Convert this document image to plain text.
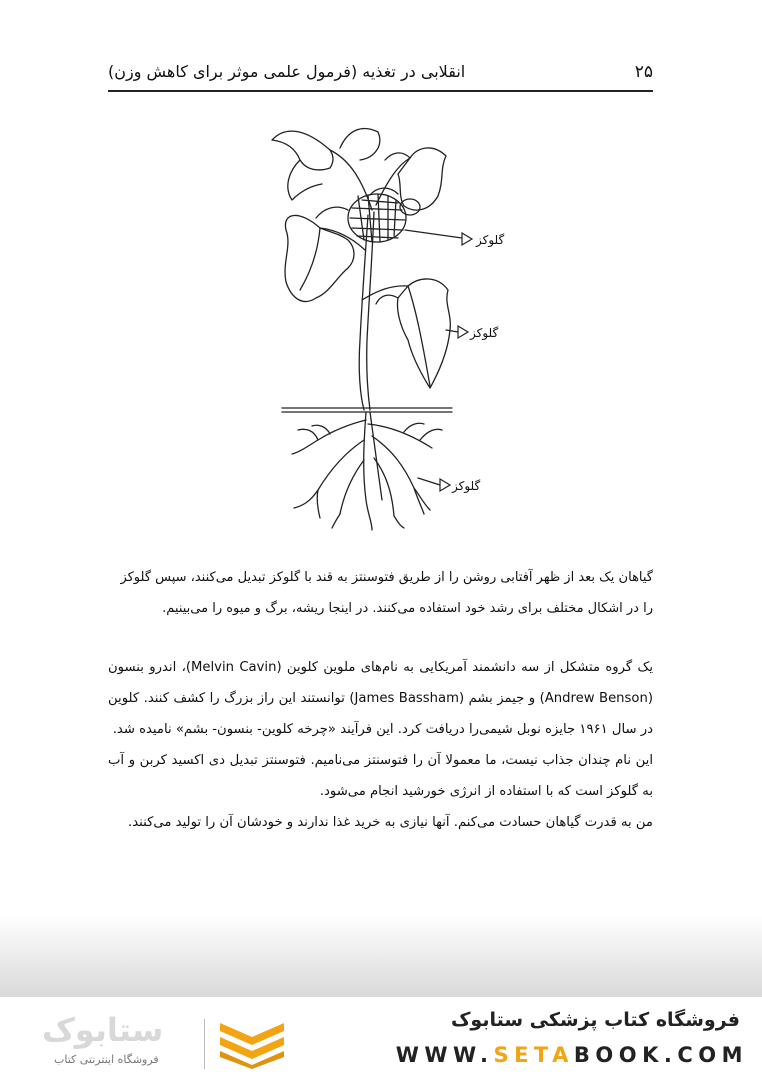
۲۵
انقلابی در تغذیه (فرمول علمی موثر برای کاهش وزن)
گلوکز
گلوکز
گلوکز
گیاهان یک بعد از ظهر آفتابی روشن را از طریق فتوسنتز به قند با گلوکز تبدیل می‌کنند، سپس گلوکز
را در اشکال مختلف برای رشد خود استفاده می‌کنند. در اینجا ریشه، برگ و میوه را می‌بینیم.

یک گروه متشکل از سه دانشمند آمریکایی به نام‌های ملوین کلوین (Melvin Cavin)، اندرو بنسون (Andrew Benson) و جیمز بشم (James Bassham) توانستند این راز بزرگ را کشف کنند. کلوین در سال ۱۹۶۱ جایزه نوبل شیمی‌را دریافت کرد. این فرآیند «چرخه کلوین- بنسون- بشم» نامیده شد.

این نام چندان جذاب نیست، ما معمولا آن را فتوسنتز می‌نامیم. فتوسنتز تبدیل دی اکسید کربن و آب به گلوکز است که با استفاده از انرژی خورشید انجام می‌شود.

من به قدرت گیاهان حسادت می‌کنم. آنها نیازی به خرید غذا ندارند و خودشان آن را تولید می‌کنند.

فروشگاه کتاب پزشکی ستابوک
WWW.SETABOOK.COM
ستابوک
فروشگاه اینترنتی کتاب
